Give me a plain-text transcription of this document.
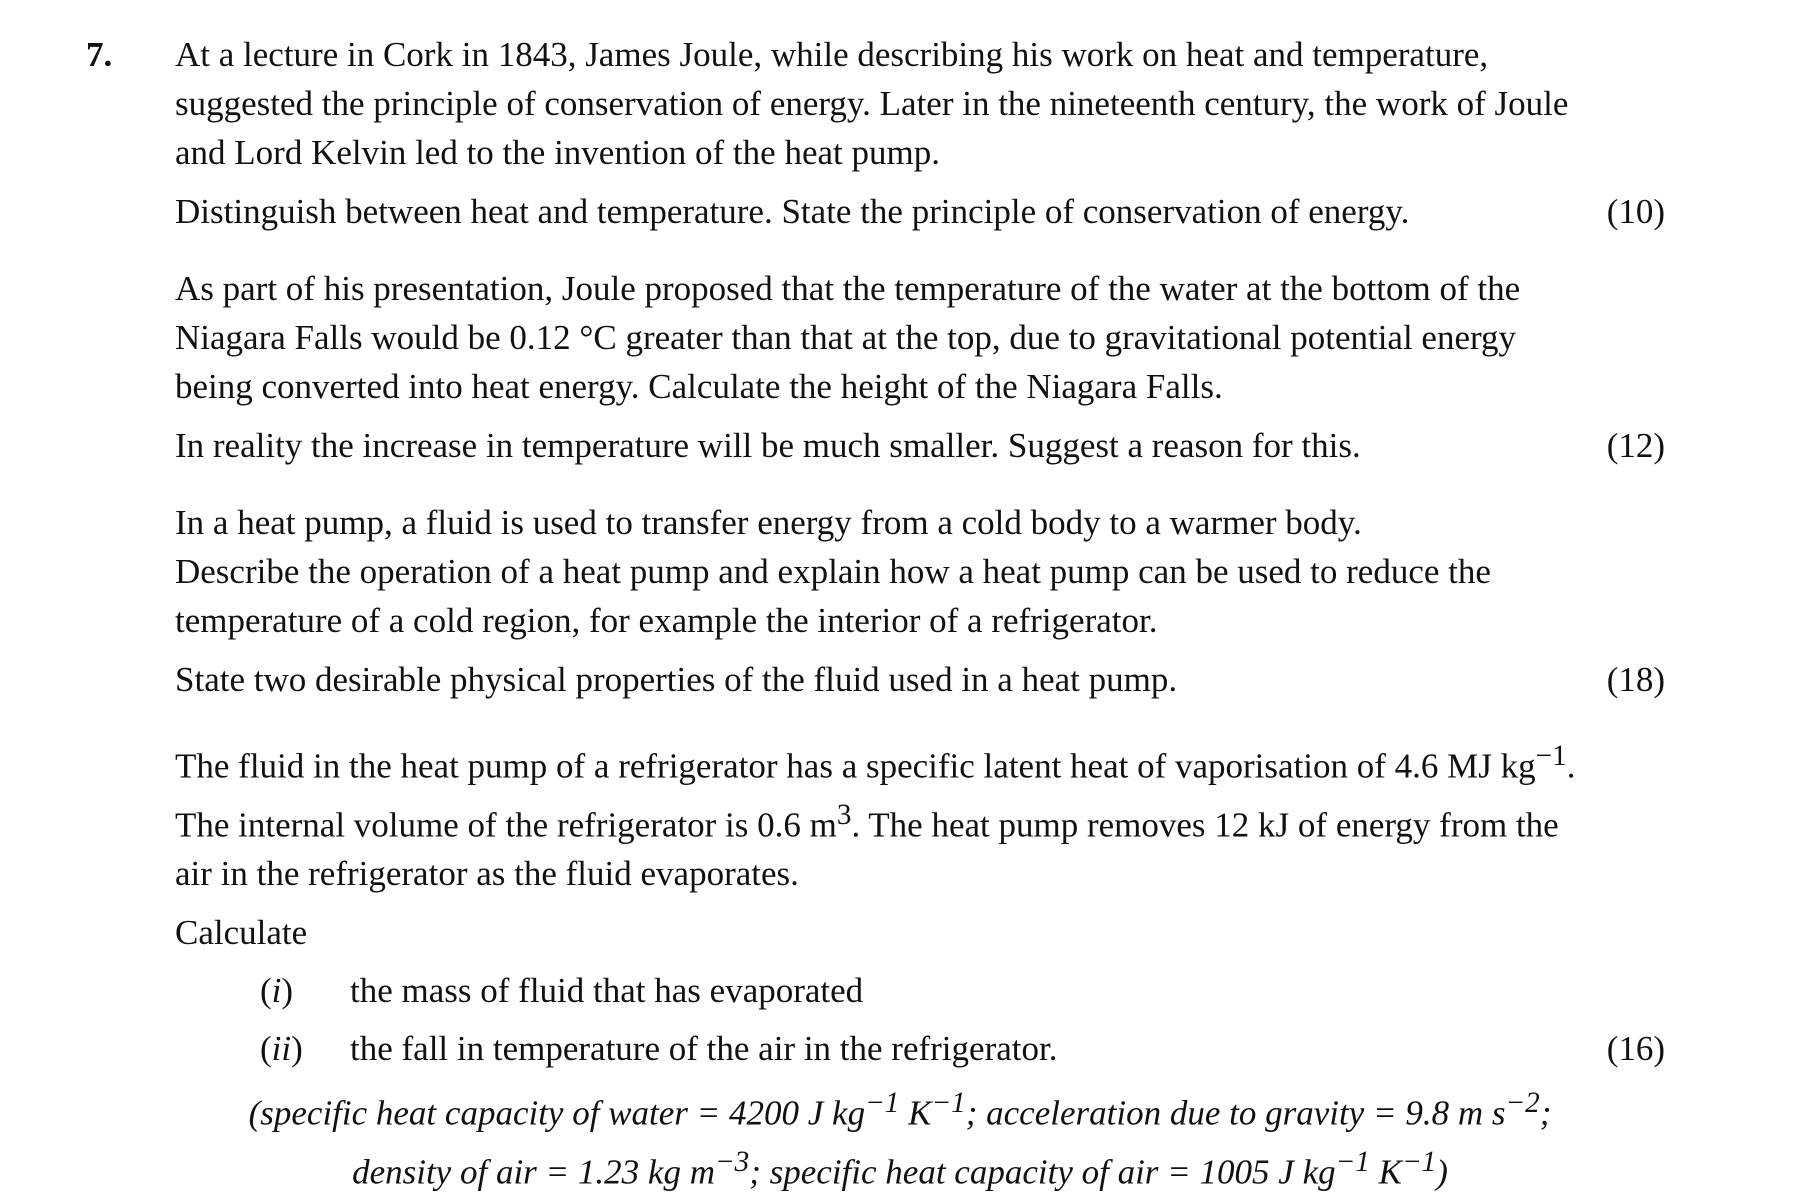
7. At a lecture in Cork in 1843, James Joule, while describing his work on heat and temperature,
suggested the principle of conservation of energy. Later in the nineteenth century, the work of Joule
and Lord Kelvin led to the invention of the heat pump.
Distinguish between heat and temperature. State the principle of conservation of energy.	(10)
As part of his presentation, Joule proposed that the temperature of the water at the bottom of the
Niagara Falls would be 0.12 °C greater than that at the top, due to gravitational potential energy
being converted into heat energy. Calculate the height of the Niagara Falls.
In reality the increase in temperature will be much smaller. Suggest a reason for this.	(12)
In a heat pump, a fluid is used to transfer energy from a cold body to a warmer body.
Describe the operation of a heat pump and explain how a heat pump can be used to reduce the
temperature of a cold region, for example the interior of a refrigerator.
State two desirable physical properties of the fluid used in a heat pump.	(18)
The fluid in the heat pump of a refrigerator has a specific latent heat of vaporisation of 4.6 MJ $kg^{-1}$.
The internal volume of the refrigerator is 0.6 $m^3$. The heat pump removes 12 kJ of energy from the
air in the refrigerator as the fluid evaporates.
Calculate
(i)	the mass of fluid that has evaporated
(ii)	the fall in temperature of the air in the refrigerator.	(16)
(specific heat capacity of water = 4200 J $kg^{-1}$ $K^{-1}$; acceleration due to gravity = 9.8 m $s^{-2}$;
density of air = 1.23 kg $m^{-3}$; specific heat capacity of air = 1005 J $kg^{-1}$ $K^{-1}$)
